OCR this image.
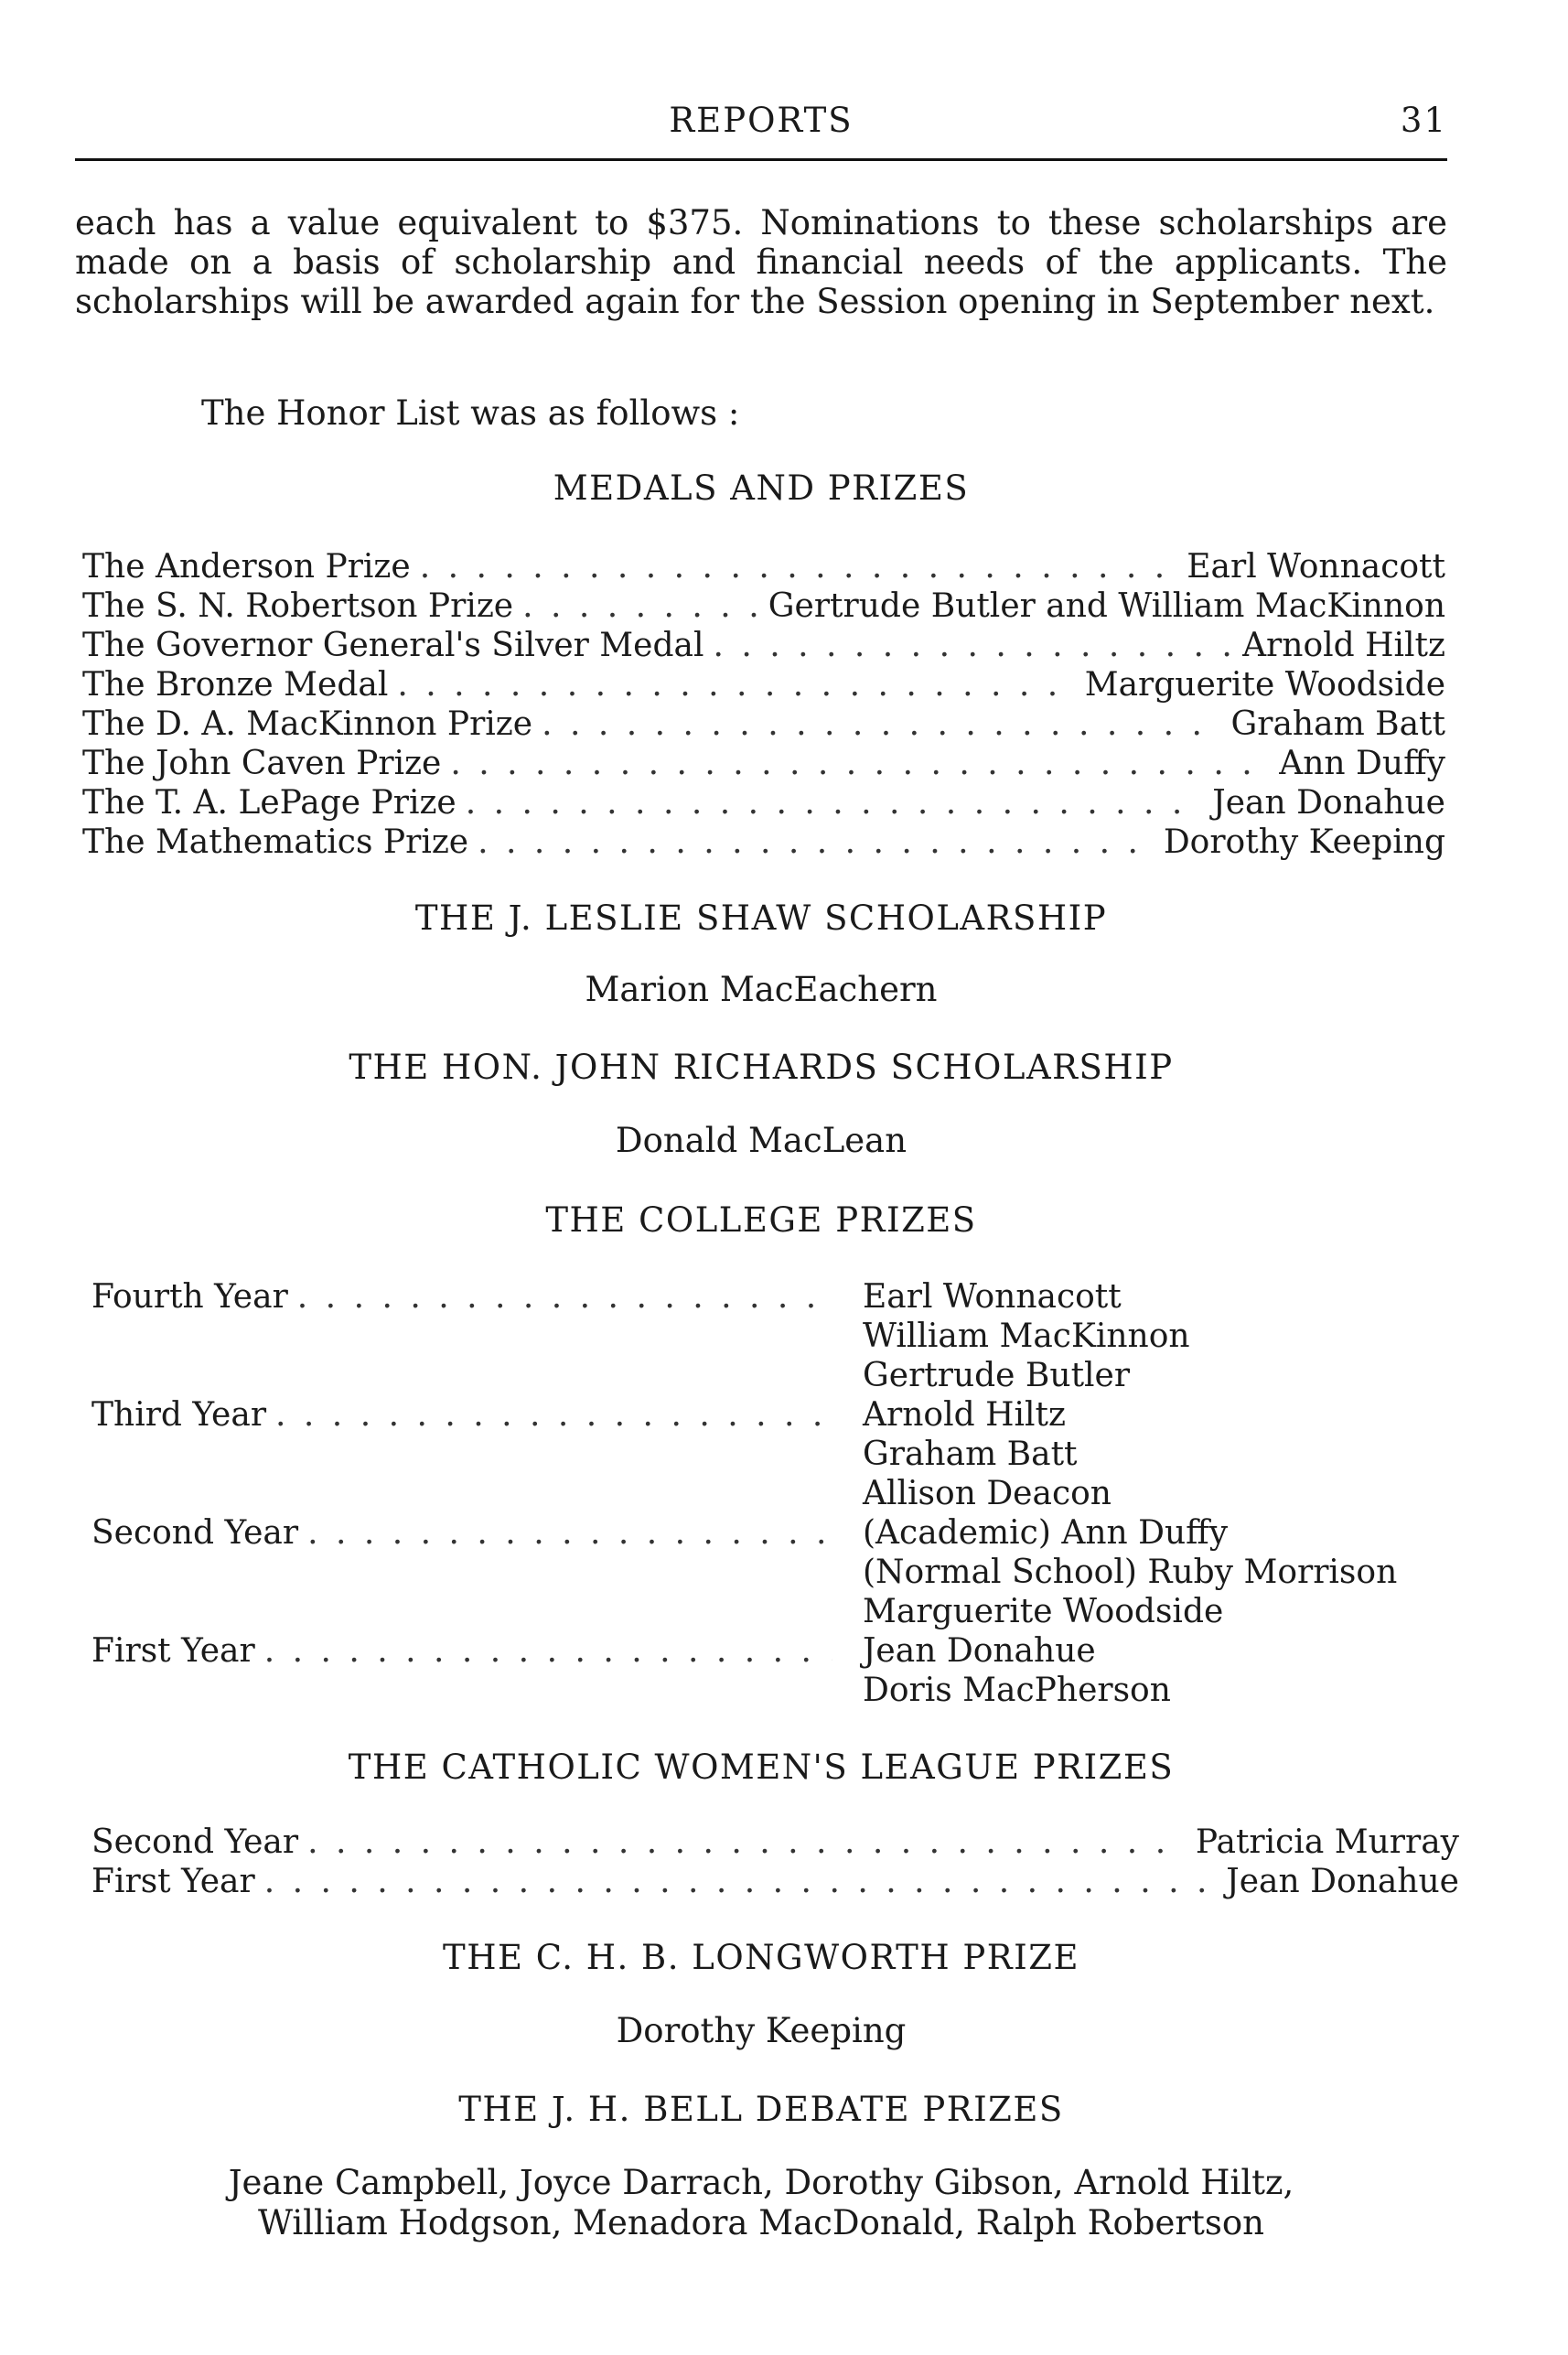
REPORTS	31
each has a value equivalent to $375. Nominations to these scholarships are made on a basis of scholarship and financial needs of the applicants. The scholarships will be awarded again for the Session opening in September next.
The Honor List was as follows :
MEDALS AND PRIZES
The Anderson Prize . . .	Earl Wonnacott
The S. N. Robertson Prize . . .	Gertrude Butler and William MacKinnon
The Governor General's Silver Medal . . .	Arnold Hiltz
The Bronze Medal . . .	Marguerite Woodside
The D. A. MacKinnon Prize . . .	Graham Batt
The John Caven Prize . . .	Ann Duffy
The T. A. LePage Prize . . .	Jean Donahue
The Mathematics Prize . . .	Dorothy Keeping
THE J. LESLIE SHAW SCHOLARSHIP
Marion MacEachern
THE HON. JOHN RICHARDS SCHOLARSHIP
Donald MacLean
THE COLLEGE PRIZES
Fourth Year . . .	Earl Wonnacott
William MacKinnon
Gertrude Butler
Third Year . . .	Arnold Hiltz
Graham Batt
Allison Deacon
Second Year . . .	(Academic) Ann Duffy
(Normal School) Ruby Morrison
Marguerite Woodside
First Year . . .	Jean Donahue
Doris MacPherson
THE CATHOLIC WOMEN'S LEAGUE PRIZES
Second Year . . .	Patricia Murray
First Year . . .	Jean Donahue
THE C. H. B. LONGWORTH PRIZE
Dorothy Keeping
THE J. H. BELL DEBATE PRIZES
Jeane Campbell, Joyce Darrach, Dorothy Gibson, Arnold Hiltz,
William Hodgson, Menadora MacDonald, Ralph Robertson
